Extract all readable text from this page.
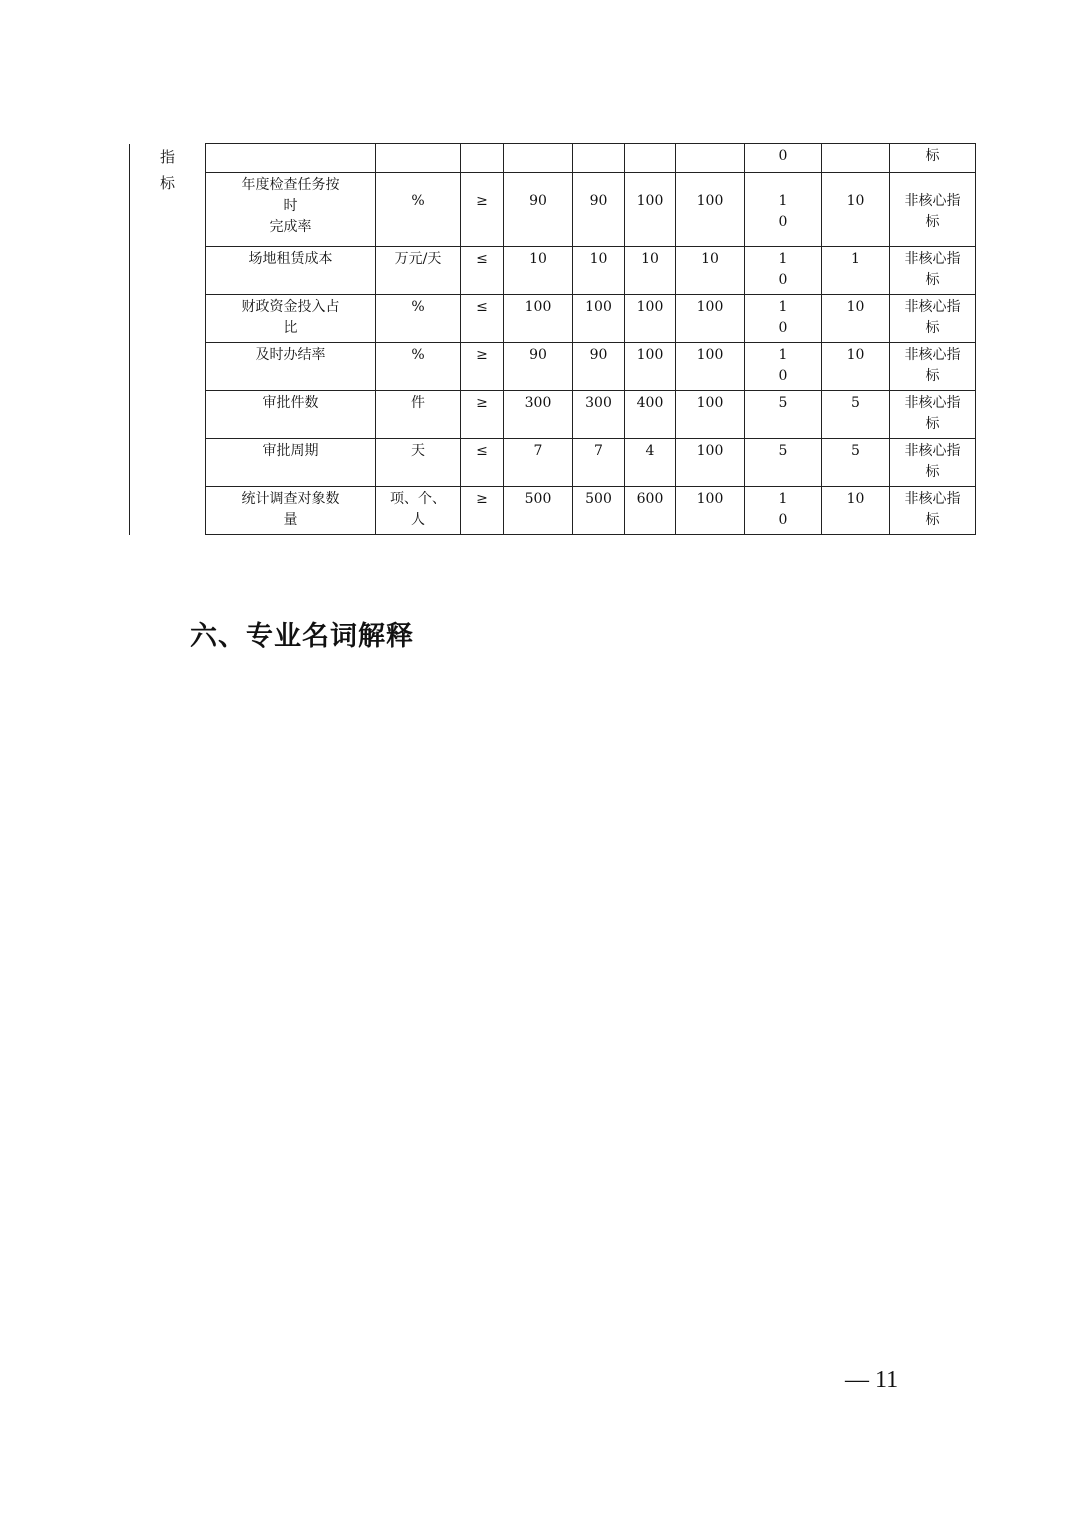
指
标								0		标
	年度检查任务按
时
完成率	%	≥	90	90	100	100	1
0	10	非核心指
标
	场地租赁成本	万元/天	≤	10	10	10	10	1
0	1	非核心指
标
	财政资金投入占
比	%	≤	100	100	100	100	1
0	10	非核心指
标
	及时办结率	%	≥	90	90	100	100	1
0	10	非核心指
标
	审批件数	件	≥	300	300	400	100	5	5	非核心指
标
	审批周期	天	≤	7	7	4	100	5	5	非核心指
标
	统计调查对象数
量	项、个、
人	≥	500	500	600	100	1
0	10	非核心指
标
六、专业名词解释
— 11
